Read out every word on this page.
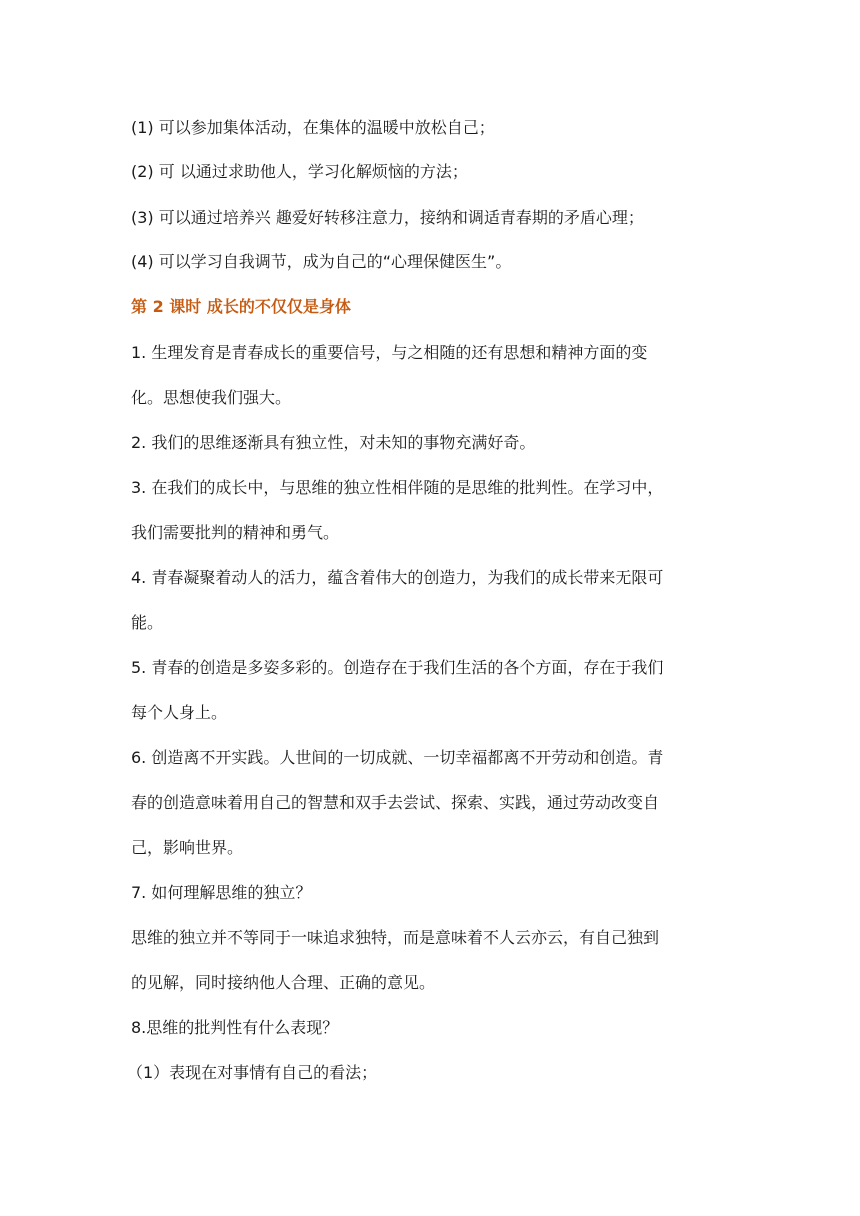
(1) 可以参加集体活动，在集体的温暖中放松自己；
(2) 可 以通过求助他人，学习化解烦恼的方法；
(3) 可以通过培养兴 趣爱好转移注意力，接纳和调适青春期的矛盾心理；
(4) 可以学习自我调节，成为自己的“心理保健医生”。
第 2 课时 成长的不仅仅是身体
1. 生理发育是青春成长的重要信号，与之相随的还有思想和精神方面的变
化。思想使我们强大。
2. 我们的思维逐渐具有独立性，对未知的事物充满好奇。
3. 在我们的成长中，与思维的独立性相伴随的是思维的批判性。在学习中，
我们需要批判的精神和勇气。
4. 青春凝聚着动人的活力，蕴含着伟大的创造力，为我们的成长带来无限可
能。
5. 青春的创造是多姿多彩的。创造存在于我们生活的各个方面，存在于我们
每个人身上。
6. 创造离不开实践。人世间的一切成就、一切幸福都离不开劳动和创造。青
春的创造意味着用自己的智慧和双手去尝试、探索、实践，通过劳动改变自
己，影响世界。
7. 如何理解思维的独立？
思维的独立并不等同于一味追求独特，而是意味着不人云亦云，有自己独到
的见解，同时接纳他人合理、正确的意见。
8.思维的批判性有什么表现？
（1）表现在对事情有自己的看法；
